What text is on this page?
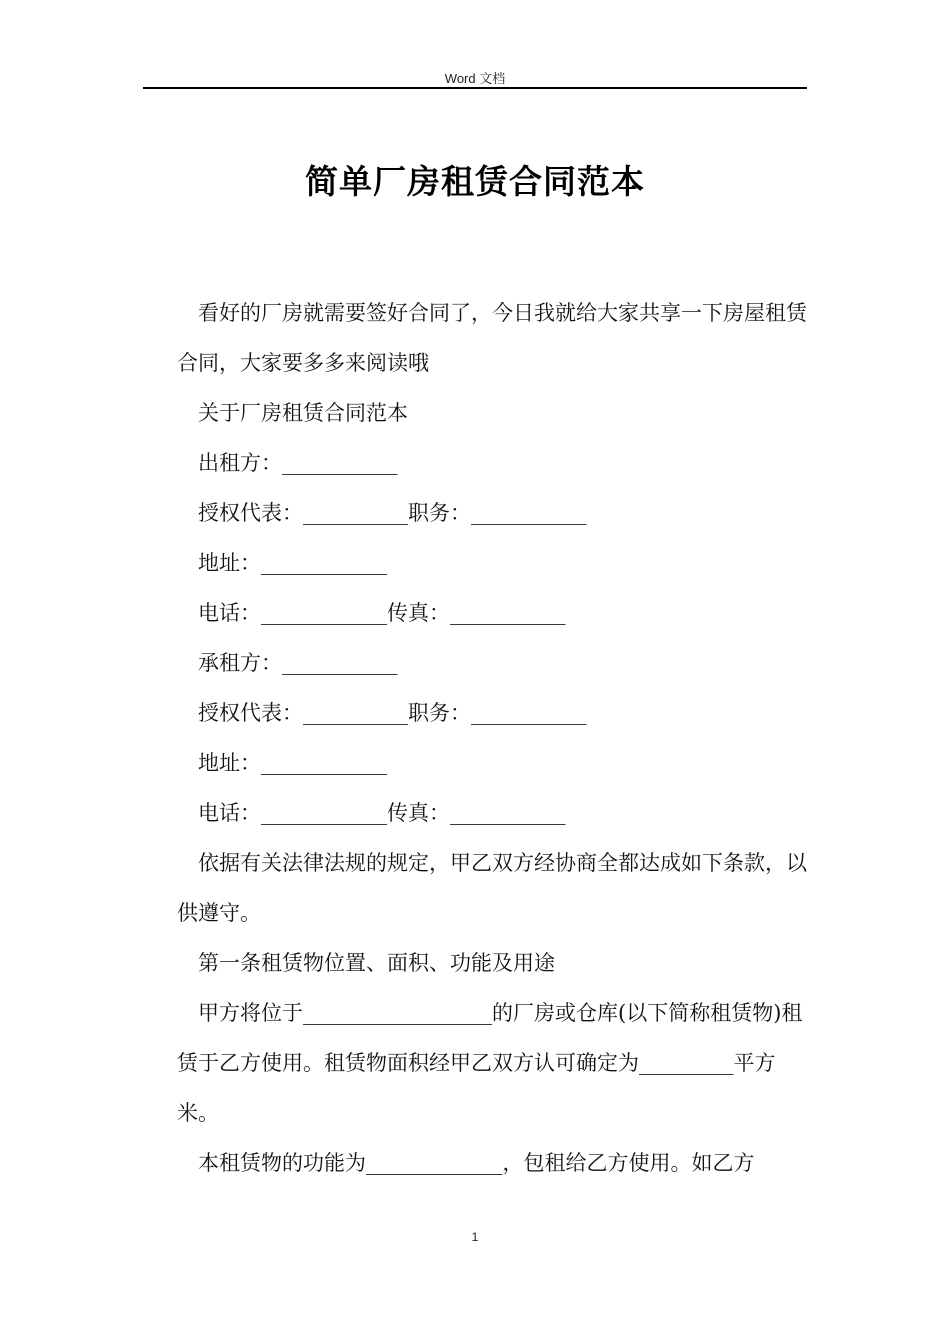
Word 文档
简单厂房租赁合同范本

看好的厂房就需要签好合同了，今日我就给大家共享一下房屋租赁合同，大家要多多来阅读哦

关于厂房租赁合同范本

出租方：___________

授权代表：__________职务：___________

地址：____________

电话：____________传真：___________

承租方：___________

授权代表：__________职务：___________

地址：____________

电话：____________传真：___________

依据有关法律法规的规定，甲乙双方经协商全都达成如下条款，以供遵守。

第一条租赁物位置、面积、功能及用途

甲方将位于__________________的厂房或仓库(以下简称租赁物)租赁于乙方使用。租赁物面积经甲乙双方认可确定为_________平方米。

本租赁物的功能为_____________，包租给乙方使用。如乙方

1
